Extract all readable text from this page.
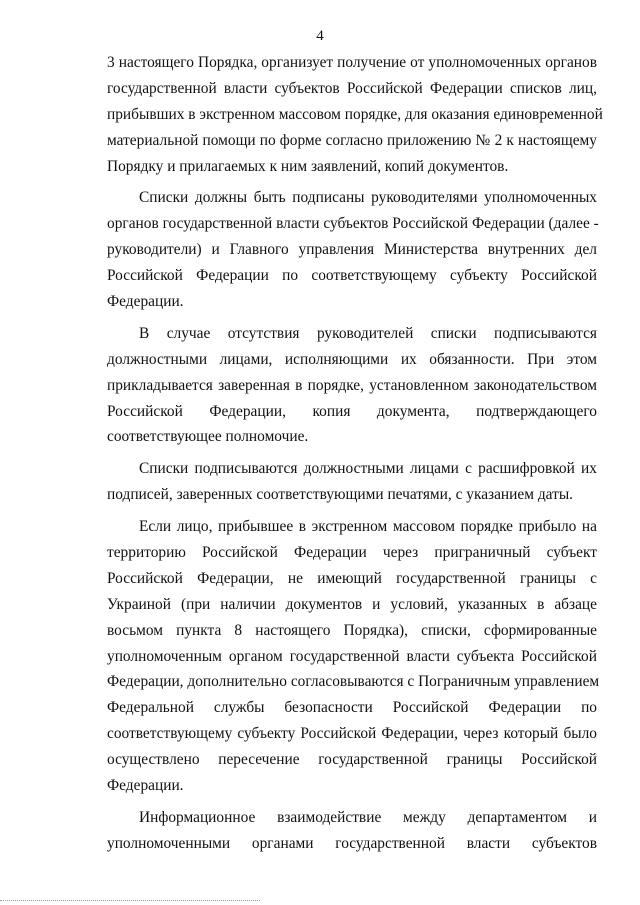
4
3 настоящего Порядка, организует получение от уполномоченных органов
государственной власти субъектов Российской Федерации списков лиц,
прибывших в экстренном массовом порядке, для оказания единовременной
материальной помощи по форме согласно приложению № 2 к настоящему
Порядку и прилагаемых к ним заявлений, копий документов.
Списки должны быть подписаны руководителями уполномоченных
органов государственной власти субъектов Российской Федерации (далее -
руководители) и Главного управления Министерства внутренних дел
Российской Федерации по соответствующему субъекту Российской
Федерации.
В случае отсутствия руководителей списки подписываются
должностными лицами, исполняющими их обязанности. При этом
прикладывается заверенная в порядке, установленном законодательством
Российской Федерации, копия документа, подтверждающего
соответствующее полномочие.
Списки подписываются должностными лицами с расшифровкой их
подписей, заверенных соответствующими печатями, с указанием даты.
Если лицо, прибывшее в экстренном массовом порядке прибыло на
территорию Российской Федерации через приграничный субъект
Российской Федерации, не имеющий государственной границы с
Украиной (при наличии документов и условий, указанных в абзаце
восьмом пункта 8 настоящего Порядка), списки, сформированные
уполномоченным органом государственной власти субъекта Российской
Федерации, дополнительно согласовываются с Пограничным управлением
Федеральной службы безопасности Российской Федерации по
соответствующему субъекту Российской Федерации, через который было
осуществлено пересечение государственной границы Российской
Федерации.
Информационное взаимодействие между департаментом и
уполномоченными органами государственной власти субъектов
